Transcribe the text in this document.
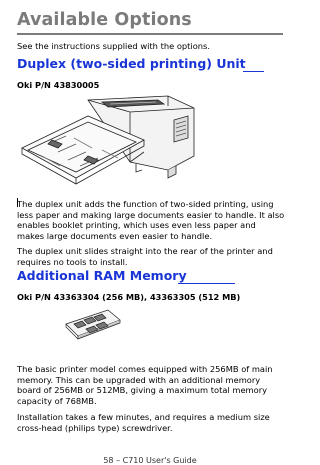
Available Options
See the instructions supplied with the options.
Duplex (two-sided printing) Unit
Oki P/N 43830005
The duplex unit adds the function of two-sided printing, using less paper and making large documents easier to handle. It also enables booklet printing, which uses even less paper and makes large documents even easier to handle.
The duplex unit slides straight into the rear of the printer and requires no tools to install.
Additional RAM Memory
Oki P/N 43363304 (256 MB), 43363305 (512 MB)
The basic printer model comes equipped with 256MB of main memory. This can be upgraded with an additional memory board of 256MB or 512MB, giving a maximum total memory capacity of 768MB.
Installation takes a few minutes, and requires a medium size cross-head (philips type) screwdriver.
58 – C710 User's Guide
